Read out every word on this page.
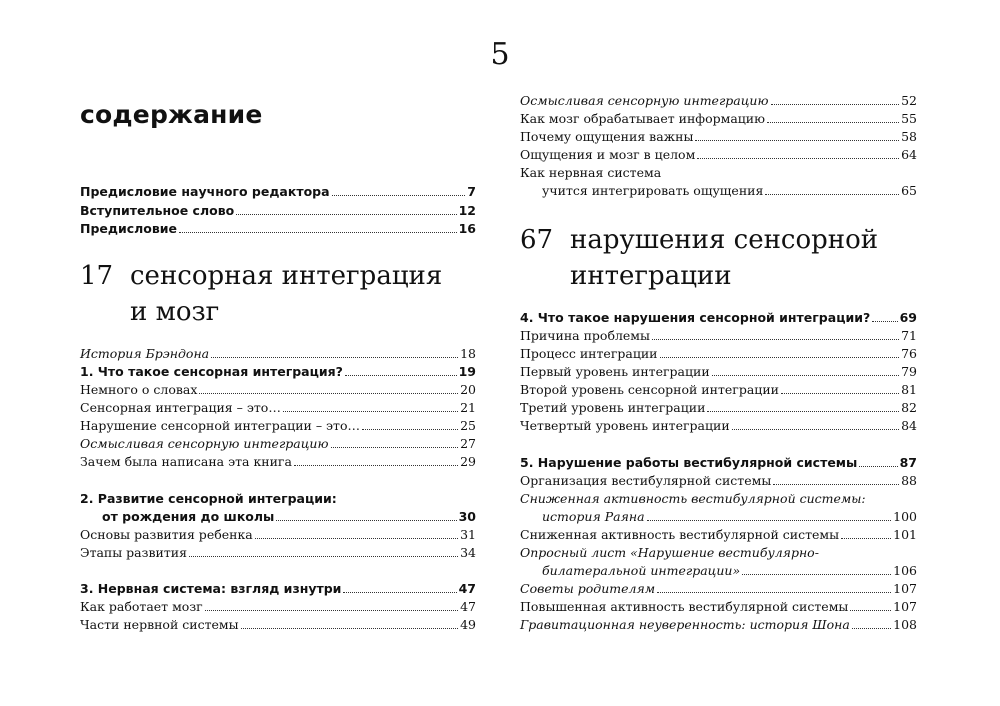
5
содержание
Предисловие научного редактора	7
Вступительное слово	12
Предисловие	16
17 сенсорная интеграция
и мозг
История Брэндона	18
1. Что такое сенсорная интеграция?	19
Немного о словах	20
Сенсорная интеграция – это…	21
Нарушение сенсорной интеграции – это…	25
Осмысливая сенсорную интеграцию	27
Зачем была написана эта книга	29
2. Развитие сенсорной интеграции:
от рождения до школы	30
Основы развития ребенка	31
Этапы развития	34
3. Нервная система: взгляд изнутри	47
Как работает мозг	47
Части нервной системы	49
Осмысливая сенсорную интеграцию	52
Как мозг обрабатывает информацию	55
Почему ощущения важны	58
Ощущения и мозг в целом	64
Как нервная система
учится интегрировать ощущения	65
67 нарушения сенсорной
интеграции
4. Что такое нарушения сенсорной интеграции? 69
Причина проблемы	71
Процесс интеграции	76
Первый уровень интеграции	79
Второй уровень сенсорной интеграции	81
Третий уровень интеграции	82
Четвертый уровень интеграции	84
5. Нарушение работы вестибулярной системы	87
Организация вестибулярной системы	88
Сниженная активность вестибулярной системы:
история Раяна	100
Сниженная активность вестибулярной системы	101
Опросный лист «Нарушение вестибулярно-
билатеральной интеграции»	106
Советы родителям	107
Повышенная активность вестибулярной системы	107
Гравитационная неуверенность: история Шона	108
